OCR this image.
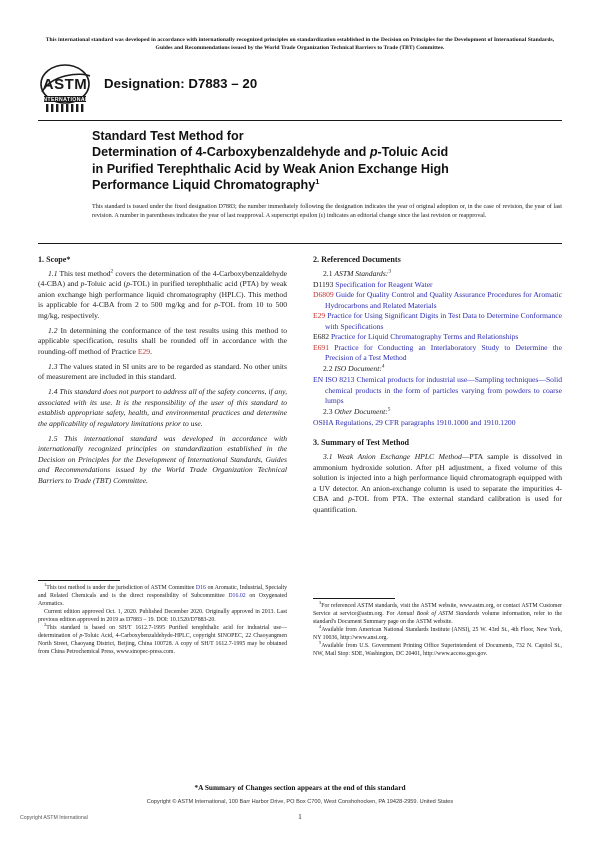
This international standard was developed in accordance with internationally recognized principles on standardization established in the Decision on Principles for the Development of International Standards, Guides and Recommendations issued by the World Trade Organization Technical Barriers to Trade (TBT) Committee.
ASTM
INTERNATIONAL
Designation: D7883 – 20
Standard Test Method for
Determination of 4-Carboxybenzaldehyde and p-Toluic Acid
in Purified Terephthalic Acid by Weak Anion Exchange High
Performance Liquid Chromatography$^1$
This standard is issued under the fixed designation D7883; the number immediately following the designation indicates the year of original adoption or, in the case of revision, the year of last revision. A number in parentheses indicates the year of last reapproval. A superscript epsilon (ε) indicates an editorial change since the last revision or reapproval.
1. Scope*

1.1 This test method$^2$ covers the determination of the 4-Carboxybenzaldehyde (4-CBA) and p-Toluic acid (p-TOL) in purified terephthalic acid (PTA) by weak anion exchange high performance liquid chromatography (HPLC). This method is applicable for 4-CBA from 2 to 500 mg/kg and for p-TOL from 10 to 500 mg/kg, respectively.

1.2 In determining the conformance of the test results using this method to applicable specification, results shall be rounded off in accordance with the rounding-off method of Practice E29.

1.3 The values stated in SI units are to be regarded as standard. No other units of measurement are included in this standard.

1.4 This standard does not purport to address all of the safety concerns, if any, associated with its use. It is the responsibility of the user of this standard to establish appropriate safety, health, and environmental practices and determine the applicability of regulatory limitations prior to use.

1.5 This international standard was developed in accordance with internationally recognized principles on standardization established in the Decision on Principles for the Development of International Standards, Guides and Recommendations issued by the World Trade Organization Technical Barriers to Trade (TBT) Committee.

2. Referenced Documents

2.1 ASTM Standards:$^3$

D1193 Specification for Reagent Water

D6809 Guide for Quality Control and Quality Assurance Procedures for Aromatic Hydrocarbons and Related Materials

E29 Practice for Using Significant Digits in Test Data to Determine Conformance with Specifications

E682 Practice for Liquid Chromatography Terms and Relationships

E691 Practice for Conducting an Interlaboratory Study to Determine the Precision of a Test Method

2.2 ISO Document:$^4$

EN ISO 8213 Chemical products for industrial use—Sampling techniques—Solid chemical products in the form of particles varying from powders to coarse lumps

2.3 Other Document:$^5$

OSHA Regulations, 29 CFR paragraphs 1910.1000 and 1910.1200

3. Summary of Test Method

3.1 Weak Anion Exchange HPLC Method—PTA sample is dissolved in ammonium hydroxide solution. After pH adjustment, a fixed volume of this solution is injected into a high performance liquid chromatograph equipped with a UV detector. An anion-exchange column is used to separate the impurities 4-CBA and p-TOL from PTA. The external standard calibration is used for quantification.

$^1$This test method is under the jurisdiction of ASTM Committee D16 on Aromatic, Industrial, Specialty and Related Chemicals and is the direct responsibility of Subcommittee D16.02 on Oxygenated Aromatics.

Current edition approved Oct. 1, 2020. Published December 2020. Originally approved in 2013. Last previous edition approved in 2019 as D7883 – 19. DOI: 10.1520/D7883-20.

$^2$This standard is based on SH/T 1612.7-1995 Purified terephthalic acid for industrial use—determination of p-Toluic Acid, 4-Carboxybenzaldehyde-HPLC, copyright SINOPEC, 22 Chaoyangmen North Street, Chaoyang District, Beijing, China 100728. A copy of SH/T 1612.7-1995 may be obtained from China Petrochemical Press, www.sinopec-press.com.

$^3$For referenced ASTM standards, visit the ASTM website, www.astm.org, or contact ASTM Customer Service at service@astm.org. For Annual Book of ASTM Standards volume information, refer to the standard's Document Summary page on the ASTM website.

$^4$Available from American National Standards Institute (ANSI), 25 W. 43rd St., 4th Floor, New York, NY 10036, http://www.ansi.org.

$^5$Available from U.S. Government Printing Office Superintendent of Documents, 732 N. Capitol St., NW, Mail Stop: SDE, Washington, DC 20401, http://www.access.gpo.gov.

*A Summary of Changes section appears at the end of this standard
Copyright © ASTM International, 100 Barr Harbor Drive, PO Box C700, West Conshohocken, PA 19428-2959. United States
Copyright ASTM International	1
